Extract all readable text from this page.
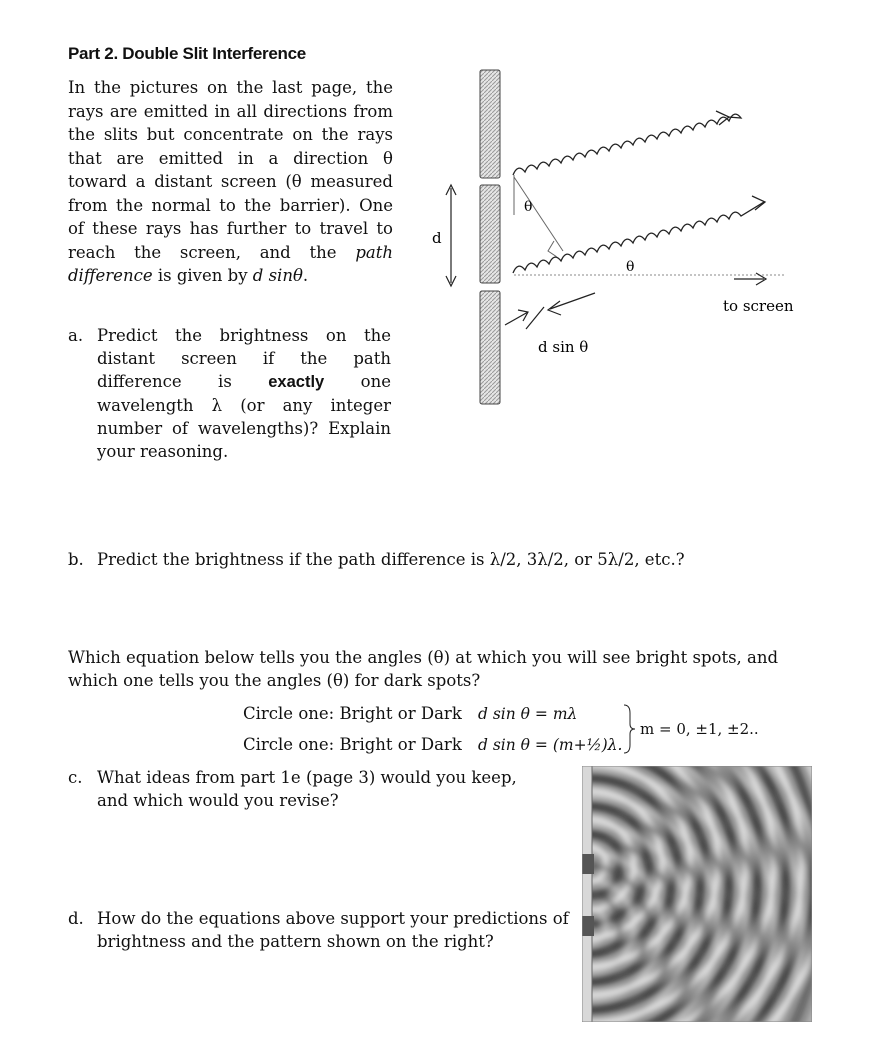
Part 2. Double Slit Interference
In the pictures on the last page, the rays are emitted in all directions from the slits but concentrate on the rays that are emitted in a direction θ toward a distant screen (θ measured from the normal to the barrier). One of these rays has further to travel to reach the screen, and the path difference is given by d sinθ.
d
θ
θ
to screen
d sin θ
a. Predict the brightness on the distant screen if the path difference is exactly one wavelength λ (or any integer number of wavelengths)? Explain your reasoning.
b. Predict the brightness if the path difference is λ/2, 3λ/2, or 5λ/2, etc.?
Which equation below tells you the angles (θ) at which you will see bright spots, and which one tells you the angles (θ) for dark spots?
Circle one: Bright or Dark d sin θ = mλ
Circle one: Bright or Dark d sin θ = (m+½)λ.
m = 0, ±1, ±2..
c. What ideas from part 1e (page 3) would you keep, and which would you revise?
d. How do the equations above support your predictions of brightness and the pattern shown on the right?
